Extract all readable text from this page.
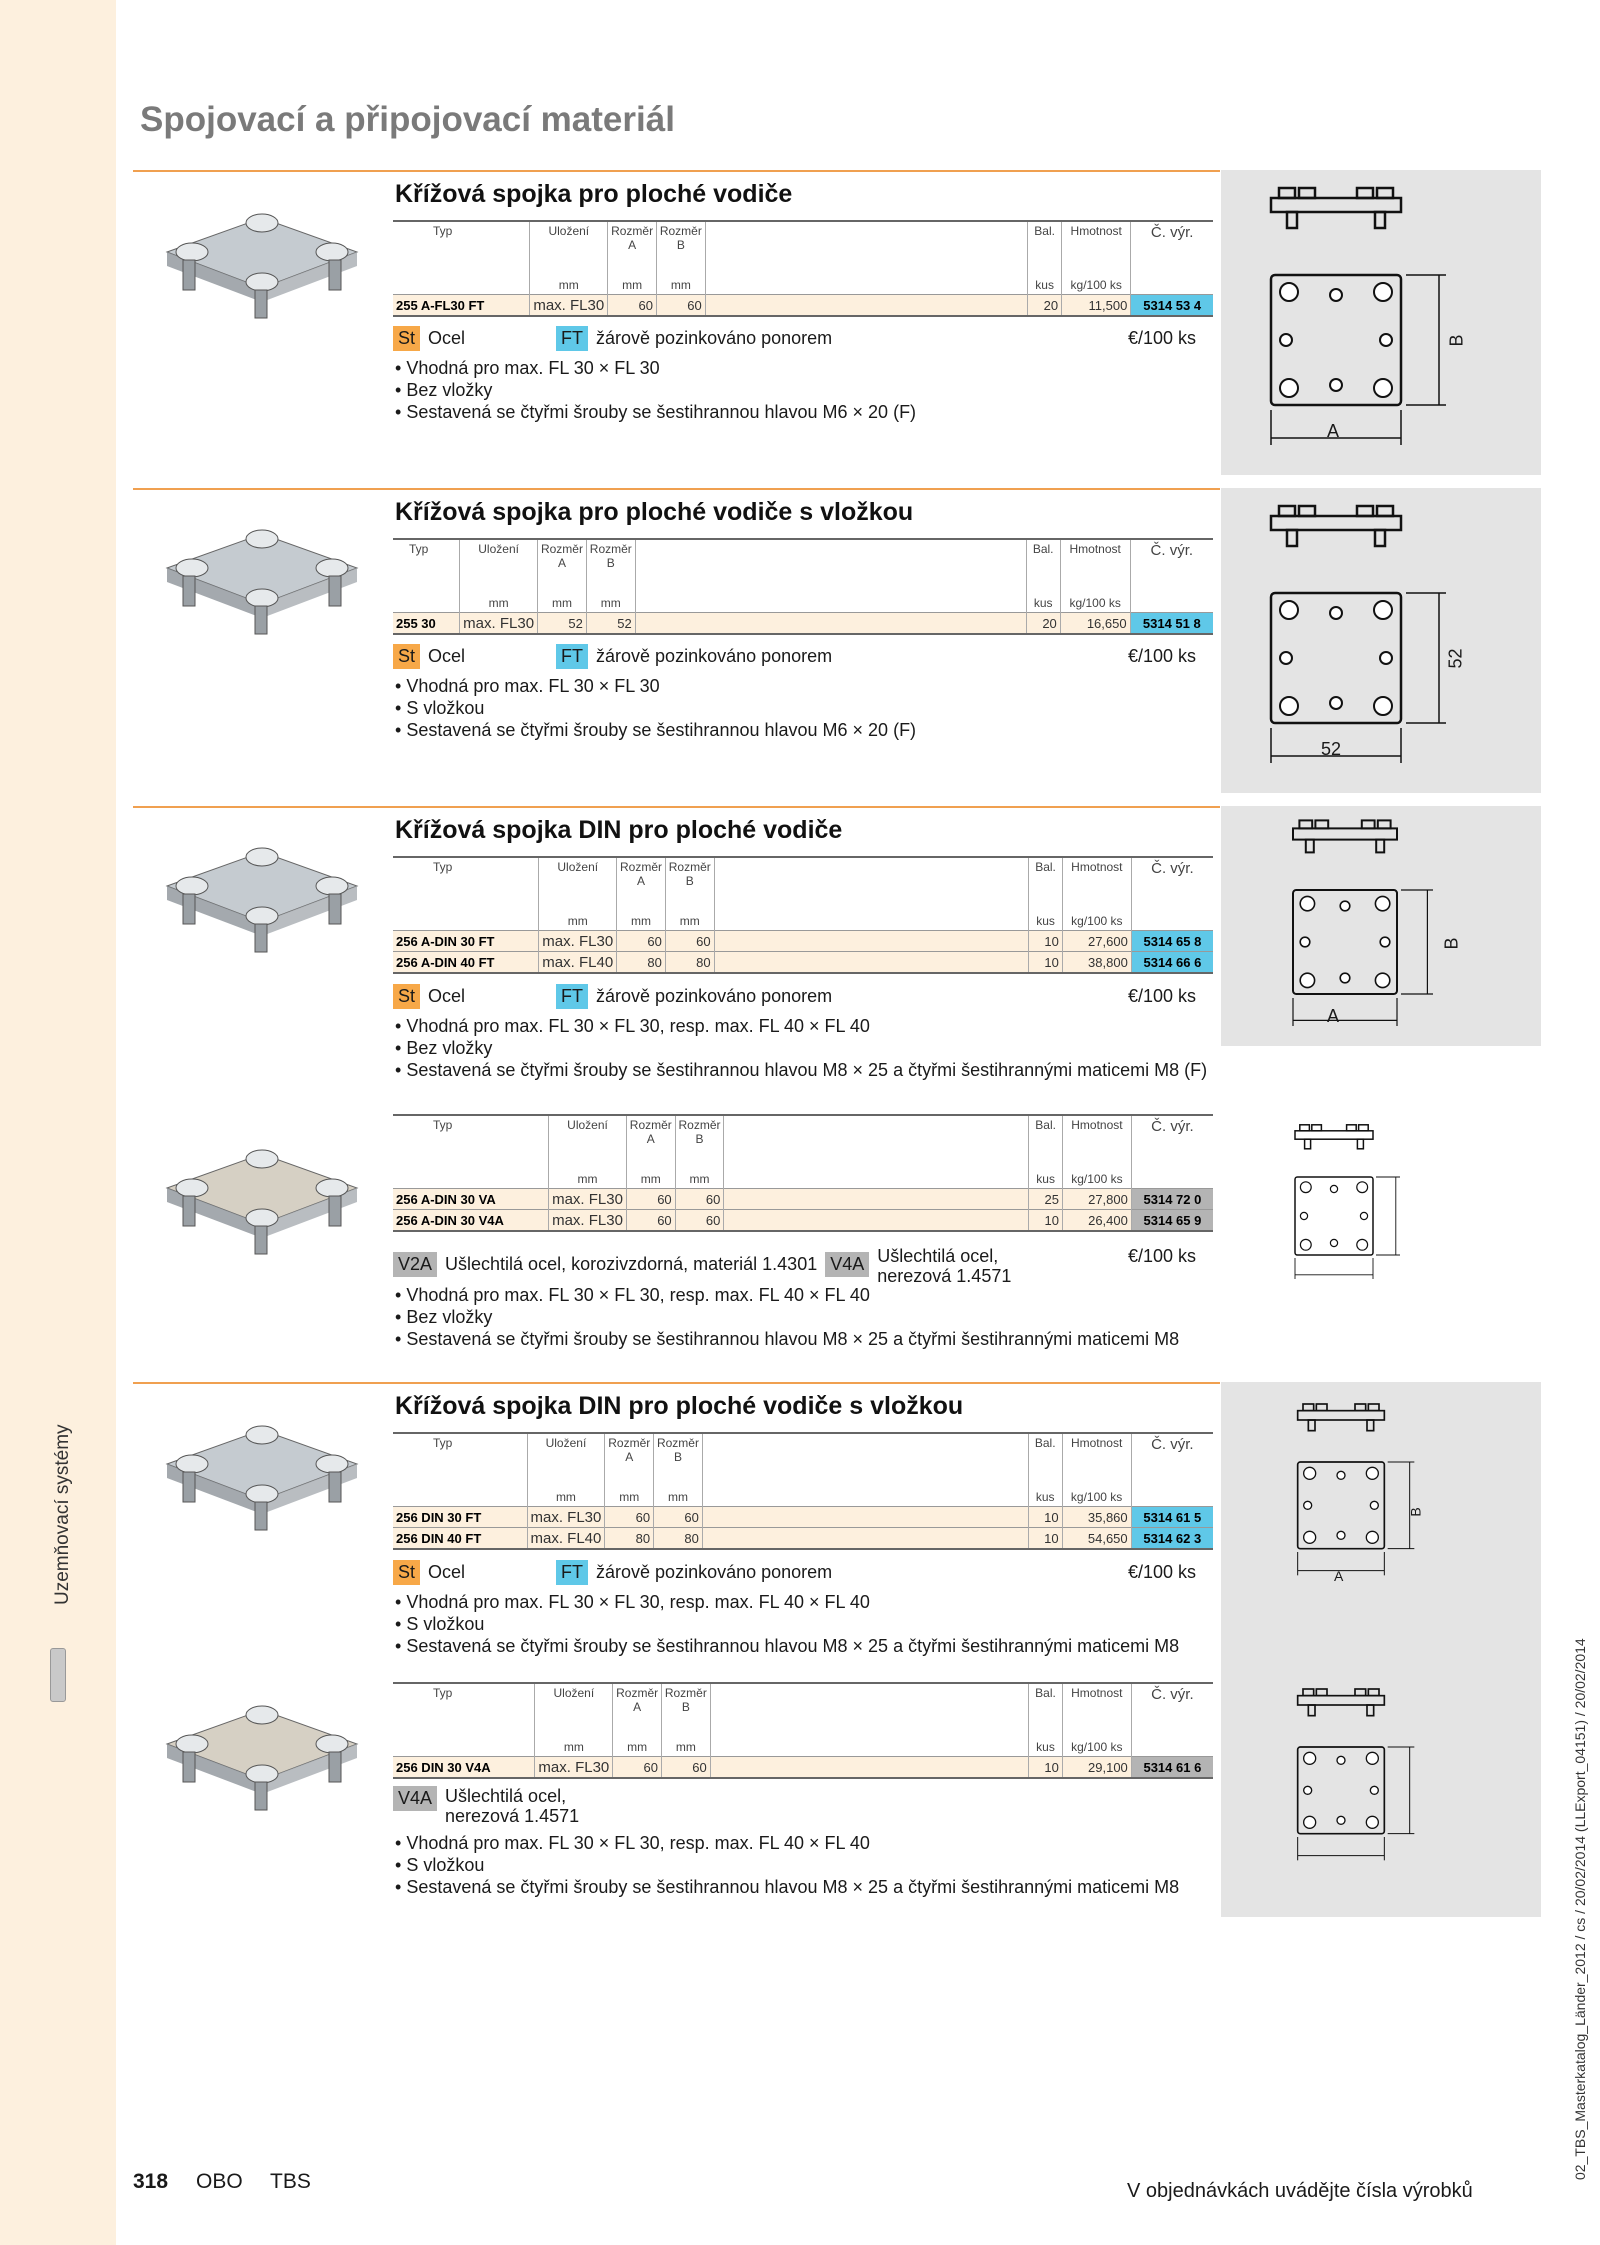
Uzemňovací systémy
02_TBS_Masterkatalog_Länder_2012 / cs / 20/02/2014 (LLExport_04151) / 20/02/2014
Spojovací a připojovací materiál
Křížová spojka pro ploché vodiče
Typ	Uložení	Rozměr A	Rozměr B		Bal.	Hmotnost	Č. výr.
	mm	mm	mm		kus	kg/100 ks	
255 A-FL30 FT	max. FL30	60	60		20	11,500	5314 53 4
St Ocel	FT žárově pozinkováno ponorem	€/100 ks
• Vhodná pro max. FL 30 × FL 30
• Bez vložky
• Sestavená se čtyřmi šrouby se šestihrannou hlavou M6 × 20 (F)
A
B
Křížová spojka pro ploché vodiče s vložkou
Typ	Uložení	Rozměr A	Rozměr B		Bal.	Hmotnost	Č. výr.
	mm	mm	mm		kus	kg/100 ks	
255 30	max. FL30	52	52		20	16,650	5314 51 8
St Ocel	FT žárově pozinkováno ponorem	€/100 ks
• Vhodná pro max. FL 30 × FL 30
• S vložkou
• Sestavená se čtyřmi šrouby se šestihrannou hlavou M6 × 20 (F)
52
52
Křížová spojka DIN pro ploché vodiče
Typ	Uložení	Rozměr A	Rozměr B		Bal.	Hmotnost	Č. výr.
	mm	mm	mm		kus	kg/100 ks	
256 A-DIN 30 FT	max. FL30	60	60		10	27,600	5314 65 8
256 A-DIN 40 FT	max. FL40	80	80		10	38,800	5314 66 6
St Ocel	FT žárově pozinkováno ponorem	€/100 ks
• Vhodná pro max. FL 30 × FL 30, resp. max. FL 40 × FL 40
• Bez vložky
• Sestavená se čtyřmi šrouby se šestihrannou hlavou M8 × 25 a čtyřmi šestihrannými maticemi M8 (F)
Typ	Uložení	Rozměr A	Rozměr B		Bal.	Hmotnost	Č. výr.
	mm	mm	mm		kus	kg/100 ks	
256 A-DIN 30 VA	max. FL30	60	60		25	27,800	5314 72 0
256 A-DIN 30 V4A	max. FL30	60	60		10	26,400	5314 65 9
V2A Ušlechtilá ocel, korozivzdorná, materiál 1.4301 V4A Ušlechtilá ocel,
nerezová 1.4571
€/100 ks
• Vhodná pro max. FL 30 × FL 30, resp. max. FL 40 × FL 40
• Bez vložky
• Sestavená se čtyřmi šrouby se šestihrannou hlavou M8 × 25 a čtyřmi šestihrannými maticemi M8
A
B
Křížová spojka DIN pro ploché vodiče s vložkou
Typ	Uložení	Rozměr A	Rozměr B		Bal.	Hmotnost	Č. výr.
	mm	mm	mm		kus	kg/100 ks	
256 DIN 30 FT	max. FL30	60	60		10	35,860	5314 61 5
256 DIN 40 FT	max. FL40	80	80		10	54,650	5314 62 3
St Ocel	FT žárově pozinkováno ponorem	€/100 ks
• Vhodná pro max. FL 30 × FL 30, resp. max. FL 40 × FL 40
• S vložkou
• Sestavená se čtyřmi šrouby se šestihrannou hlavou M8 × 25 a čtyřmi šestihrannými maticemi M8
Typ	Uložení	Rozměr A	Rozměr B		Bal.	Hmotnost	Č. výr.
	mm	mm	mm		kus	kg/100 ks	
256 DIN 30 V4A	max. FL30	60	60		10	29,100	5314 61 6
V4A Ušlechtilá ocel,
nerezová 1.4571
• Vhodná pro max. FL 30 × FL 30, resp. max. FL 40 × FL 40
• S vložkou
• Sestavená se čtyřmi šrouby se šestihrannou hlavou M8 × 25 a čtyřmi šestihrannými maticemi M8
A
B
318 OBO TBS	V objednávkách uvádějte čísla výrobků
